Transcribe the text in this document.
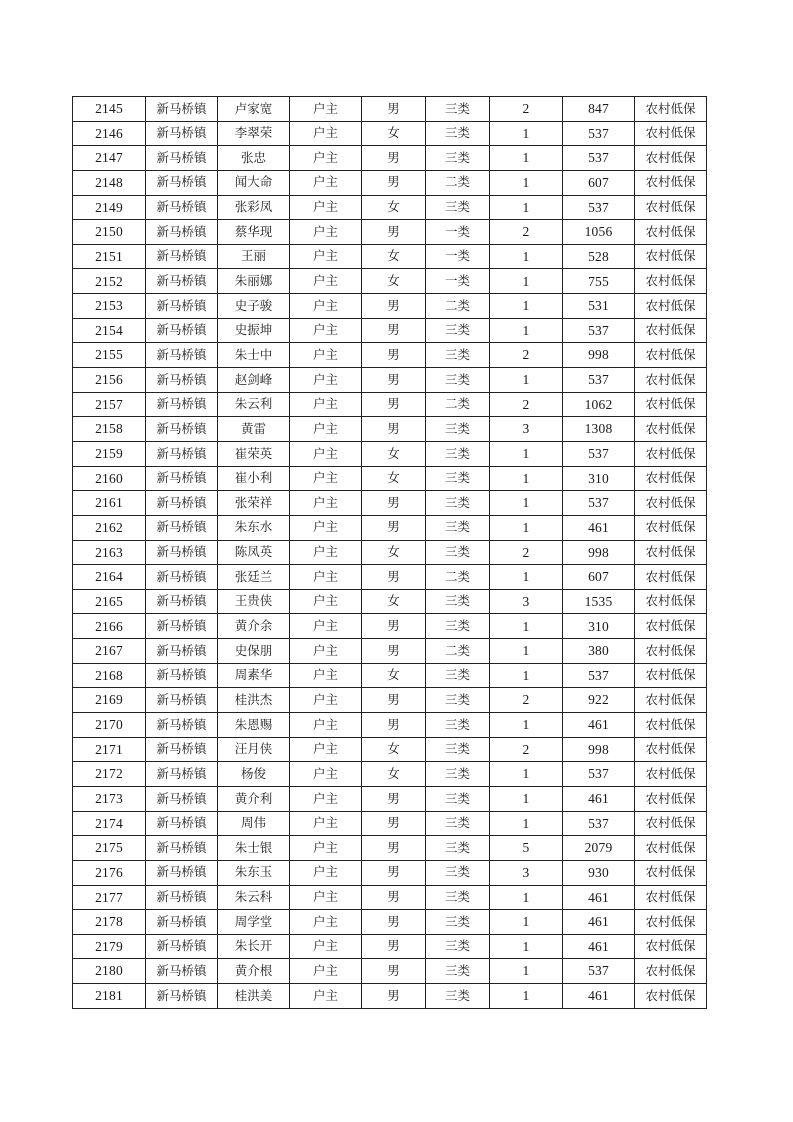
2145	新马桥镇	卢家宽	户主	男	三类	2	847	农村低保
2146	新马桥镇	李翠荣	户主	女	三类	1	537	农村低保
2147	新马桥镇	张忠	户主	男	三类	1	537	农村低保
2148	新马桥镇	闻大命	户主	男	二类	1	607	农村低保
2149	新马桥镇	张彩凤	户主	女	三类	1	537	农村低保
2150	新马桥镇	蔡华现	户主	男	一类	2	1056	农村低保
2151	新马桥镇	王丽	户主	女	一类	1	528	农村低保
2152	新马桥镇	朱丽娜	户主	女	一类	1	755	农村低保
2153	新马桥镇	史子骏	户主	男	二类	1	531	农村低保
2154	新马桥镇	史振坤	户主	男	三类	1	537	农村低保
2155	新马桥镇	朱士中	户主	男	三类	2	998	农村低保
2156	新马桥镇	赵剑峰	户主	男	三类	1	537	农村低保
2157	新马桥镇	朱云利	户主	男	二类	2	1062	农村低保
2158	新马桥镇	黄雷	户主	男	三类	3	1308	农村低保
2159	新马桥镇	崔荣英	户主	女	三类	1	537	农村低保
2160	新马桥镇	崔小利	户主	女	三类	1	310	农村低保
2161	新马桥镇	张荣祥	户主	男	三类	1	537	农村低保
2162	新马桥镇	朱东水	户主	男	三类	1	461	农村低保
2163	新马桥镇	陈凤英	户主	女	三类	2	998	农村低保
2164	新马桥镇	张廷兰	户主	男	二类	1	607	农村低保
2165	新马桥镇	王贵侠	户主	女	三类	3	1535	农村低保
2166	新马桥镇	黄介余	户主	男	三类	1	310	农村低保
2167	新马桥镇	史保朋	户主	男	二类	1	380	农村低保
2168	新马桥镇	周素华	户主	女	三类	1	537	农村低保
2169	新马桥镇	桂洪杰	户主	男	三类	2	922	农村低保
2170	新马桥镇	朱恩赐	户主	男	三类	1	461	农村低保
2171	新马桥镇	汪月侠	户主	女	三类	2	998	农村低保
2172	新马桥镇	杨俊	户主	女	三类	1	537	农村低保
2173	新马桥镇	黄介利	户主	男	三类	1	461	农村低保
2174	新马桥镇	周伟	户主	男	三类	1	537	农村低保
2175	新马桥镇	朱士银	户主	男	三类	5	2079	农村低保
2176	新马桥镇	朱东玉	户主	男	三类	3	930	农村低保
2177	新马桥镇	朱云科	户主	男	三类	1	461	农村低保
2178	新马桥镇	周学堂	户主	男	三类	1	461	农村低保
2179	新马桥镇	朱长开	户主	男	三类	1	461	农村低保
2180	新马桥镇	黄介根	户主	男	三类	1	537	农村低保
2181	新马桥镇	桂洪美	户主	男	三类	1	461	农村低保
